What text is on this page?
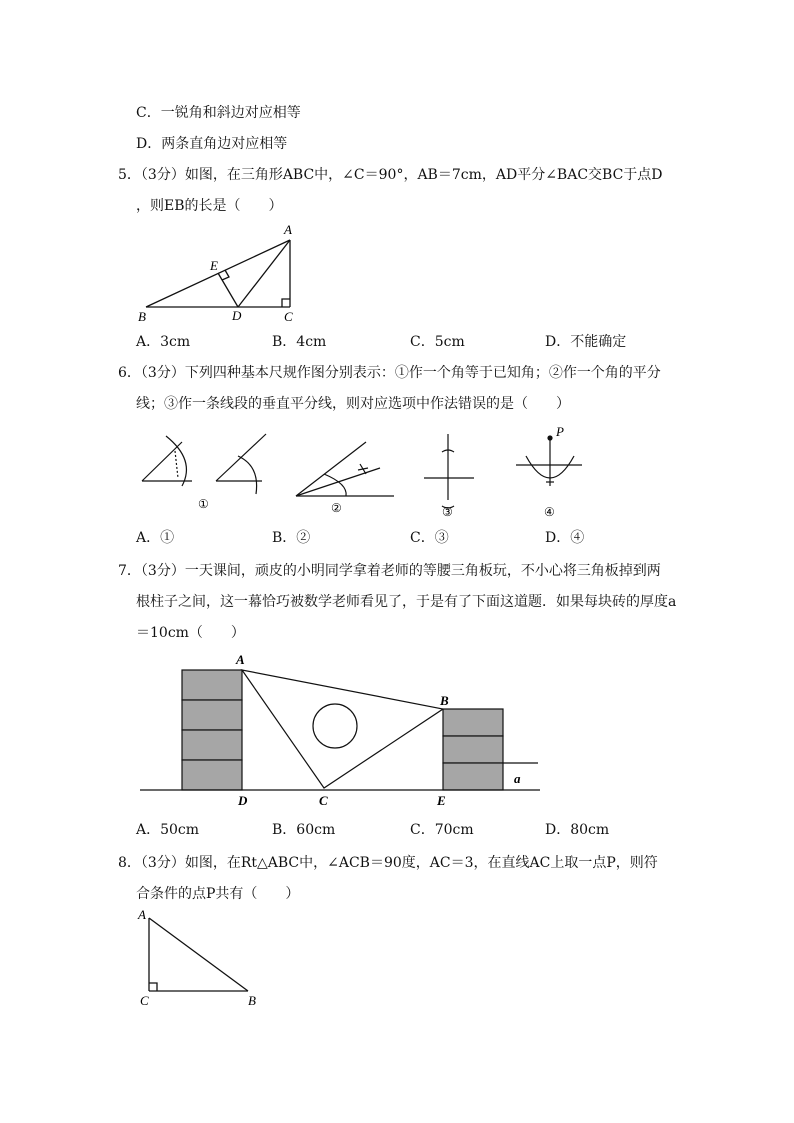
C．一锐角和斜边对应相等
D．两条直角边对应相等
5．（3分）如图，在三角形ABC中，∠C＝90°，AB＝7cm，AD平分∠BAC交BC于点D
，则EB的长是（　　）
A
B	C
D
E
A．3cm	B．4cm	C．5cm	D．不能确定
6．（3分）下列四种基本尺规作图分别表示：①作一个角等于已知角；②作一个角的平分
线；③作一条线段的垂直平分线，则对应选项中作法错误的是（　　）
P
①	②	③	④
A．①	B．②	C．③	D．④
7．（3分）一天课间，顽皮的小明同学拿着老师的等腰三角板玩，不小心将三角板掉到两
根柱子之间，这一幕恰巧被数学老师看见了，于是有了下面这道题．如果每块砖的厚度a
＝10cm（　　）
A
B
C
D	E
a
A．50cm	B．60cm	C．70cm	D．80cm
8．（3分）如图，在Rt△ABC中，∠ACB＝90度，AC＝3，在直线AC上取一点P，则符
合条件的点P共有（　　）
A
C	B
